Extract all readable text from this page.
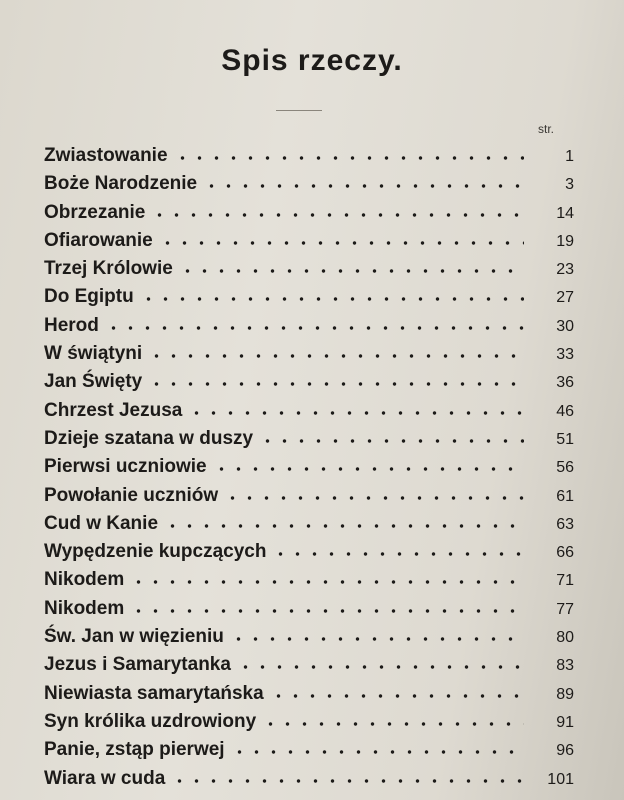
Spis rzeczy.
str.
Zwiastowanie	1
Boże Narodzenie	3
Obrzezanie	14
Ofiarowanie	19
Trzej Królowie	23
Do Egiptu	27
Herod	30
W świątyni	33
Jan Święty	36
Chrzest Jezusa	46
Dzieje szatana w duszy	51
Pierwsi uczniowie	56
Powołanie uczniów	61
Cud w Kanie	63
Wypędzenie kupczących	66
Nikodem	71
Nikodem	77
Św. Jan w więzieniu	80
Jezus i Samarytanka	83
Niewiasta samarytańska	89
Syn królika uzdrowiony	91
Panie, zstąp pierwej	96
Wiara w cuda	101
